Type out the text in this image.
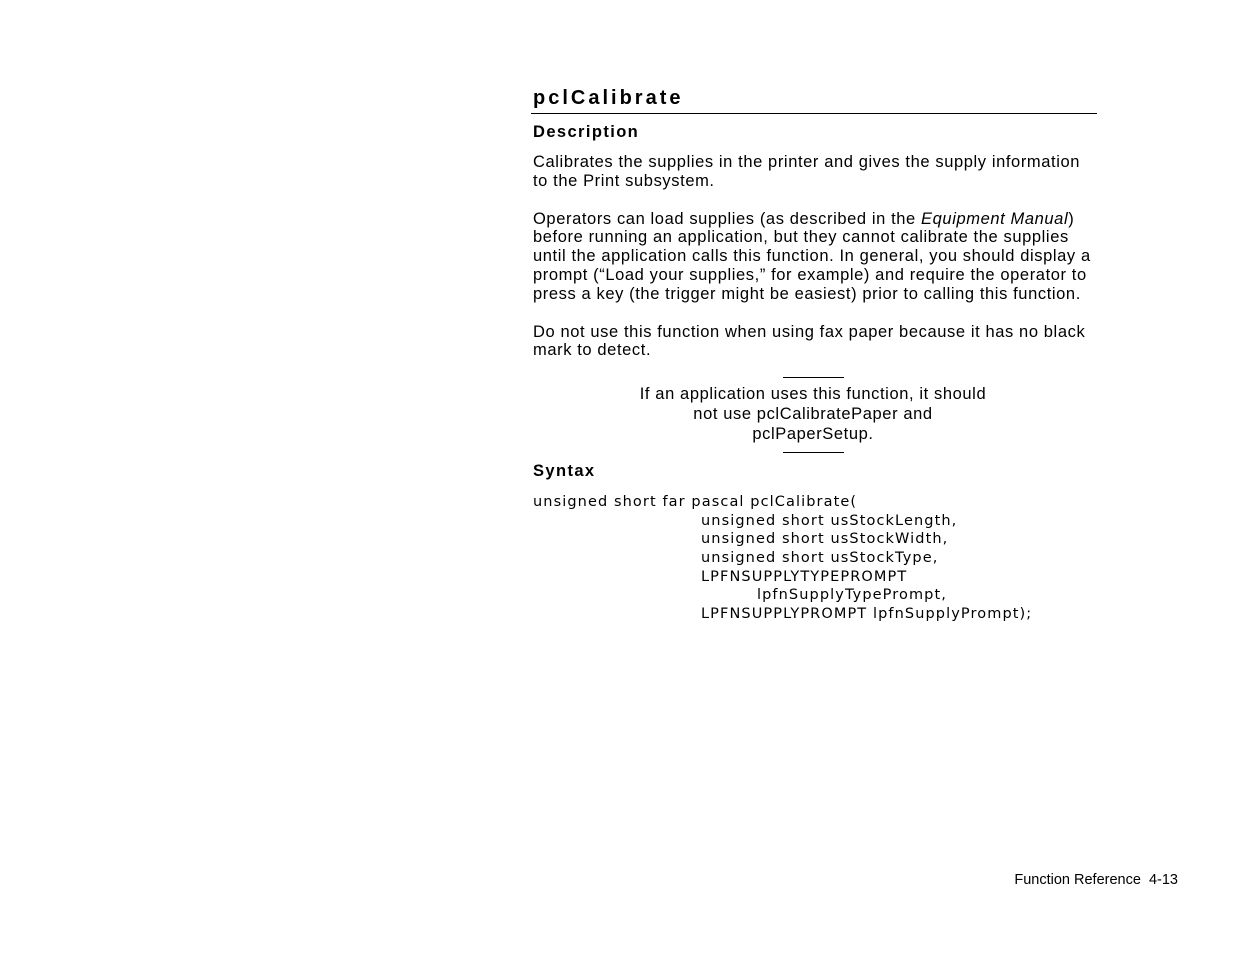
pclCalibrate
Description

Calibrates the supplies in the printer and gives the supply information to the Print subsystem.

Operators can load supplies (as described in the Equipment Manual) before running an application, but they cannot calibrate the supplies until the application calls this function. In general, you should display a prompt (“Load your supplies,” for example) and require the operator to press a key (the trigger might be easiest) prior to calling this function.

Do not use this function when using fax paper because it has no black mark to detect.

If an application uses this function, it should
not use pclCalibratePaper and
pclPaperSetup.

Syntax
unsigned short far pascal pclCalibrate(
unsigned short usStockLength,
unsigned short usStockWidth,
unsigned short usStockType,
LPFNSUPPLYTYPEPROMPT
lpfnSupplyTypePrompt,
LPFNSUPPLYPROMPT lpfnSupplyPrompt);
Function Reference 4-13
